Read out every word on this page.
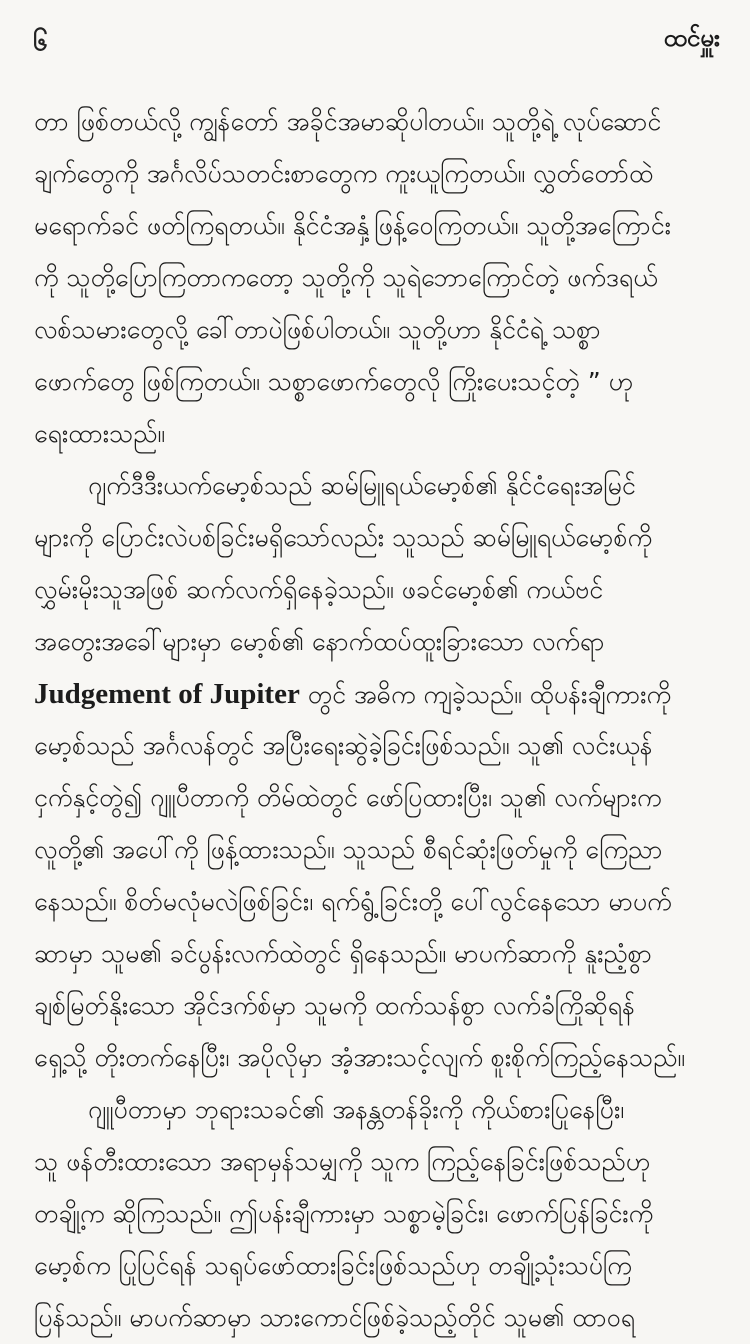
၆	ထင်မှူး
တာ ဖြစ်တယ်လို့ ကျွန်တော် အခိုင်အမာဆိုပါတယ်။ သူတို့ရဲ့ လုပ်ဆောင်
ချက်တွေကို အင်္ဂလိပ်သတင်းစာတွေက ကူးယူကြတယ်။ လွှတ်တော်ထဲ
မရောက်ခင် ဖတ်ကြရတယ်။ နိုင်ငံအနှံ့ဖြန့်ဝေကြတယ်။ သူတို့အကြောင်း
ကို သူတို့ပြောကြတာကတော့ သူတို့ကို သူရဲဘောကြောင်တဲ့ ဖက်ဒရယ်
လစ်သမားတွေလို့ ခေါ်တာပဲဖြစ်ပါတယ်။ သူတို့ဟာ နိုင်ငံရဲ့ သစ္စာ
ဖောက်တွေ ဖြစ်ကြတယ်။ သစ္စာဖောက်တွေလို ကြိုးပေးသင့်တဲ့ ” ဟု
ရေးထားသည်။
ဂျက်ဒီဒီးယက်မော့စ်သည် ဆမ်မြူရယ်မော့စ်၏ နိုင်ငံရေးအမြင်
များကို ပြောင်းလဲပစ်ခြင်းမရှိသော်လည်း သူသည် ဆမ်မြူရယ်မော့စ်ကို
လွှမ်းမိုးသူအဖြစ် ဆက်လက်ရှိနေခဲ့သည်။ ဖခင်မော့စ်၏ ကယ်ဗင်
အတွေးအခေါ်များမှာ မော့စ်၏ နောက်ထပ်ထူးခြားသော လက်ရာ
Judgement of Jupiter တွင် အဓိက ကျခဲ့သည်။ ထိုပန်းချီကားကို
မော့စ်သည် အင်္ဂလန်တွင် အပြီးရေးဆွဲခဲ့ခြင်းဖြစ်သည်။ သူ၏ လင်းယုန်
ငှက်နှင့်တွဲ၍ ဂျူပီတာကို တိမ်ထဲတွင် ဖော်ပြထားပြီး၊ သူ၏ လက်များက
လူတို့၏ အပေါ်ကို ဖြန့်ထားသည်။ သူသည် စီရင်ဆုံးဖြတ်မှုကို ကြေညာ
နေသည်။ စိတ်မလုံမလဲဖြစ်ခြင်း၊ ရက်ရွံ့ခြင်းတို့ ပေါ်လွင်နေသော မာပက်
ဆာမှာ သူမ၏ ခင်ပွန်းလက်ထဲတွင် ရှိနေသည်။ မာပက်ဆာကို နူးညံ့စွာ
ချစ်မြတ်နိုးသော အိုင်ဒက်စ်မှာ သူမကို ထက်သန်စွာ လက်ခံကြိုဆိုရန်
ရှေ့သို့ တိုးတက်နေပြီး၊ အပိုလိုမှာ အံ့အားသင့်လျက် စူးစိုက်ကြည့်နေသည်။
ဂျူပီတာမှာ ဘုရားသခင်၏ အနန္တတန်ခိုးကို ကိုယ်စားပြုနေပြီး၊
သူ ဖန်တီးထားသော အရာမှန်သမျှကို သူက ကြည့်နေခြင်းဖြစ်သည်ဟု
တချို့က ဆိုကြသည်။ ဤပန်းချီကားမှာ သစ္စာမဲ့ခြင်း၊ ဖောက်ပြန်ခြင်းကို
မော့စ်က ပြုပြင်ရန် သရုပ်ဖော်ထားခြင်းဖြစ်သည်ဟု တချို့သုံးသပ်ကြ
ပြန်သည်။ မာပက်ဆာမှာ သားကောင်ဖြစ်ခဲ့သည့်တိုင် သူမ၏ ထာဝရ
